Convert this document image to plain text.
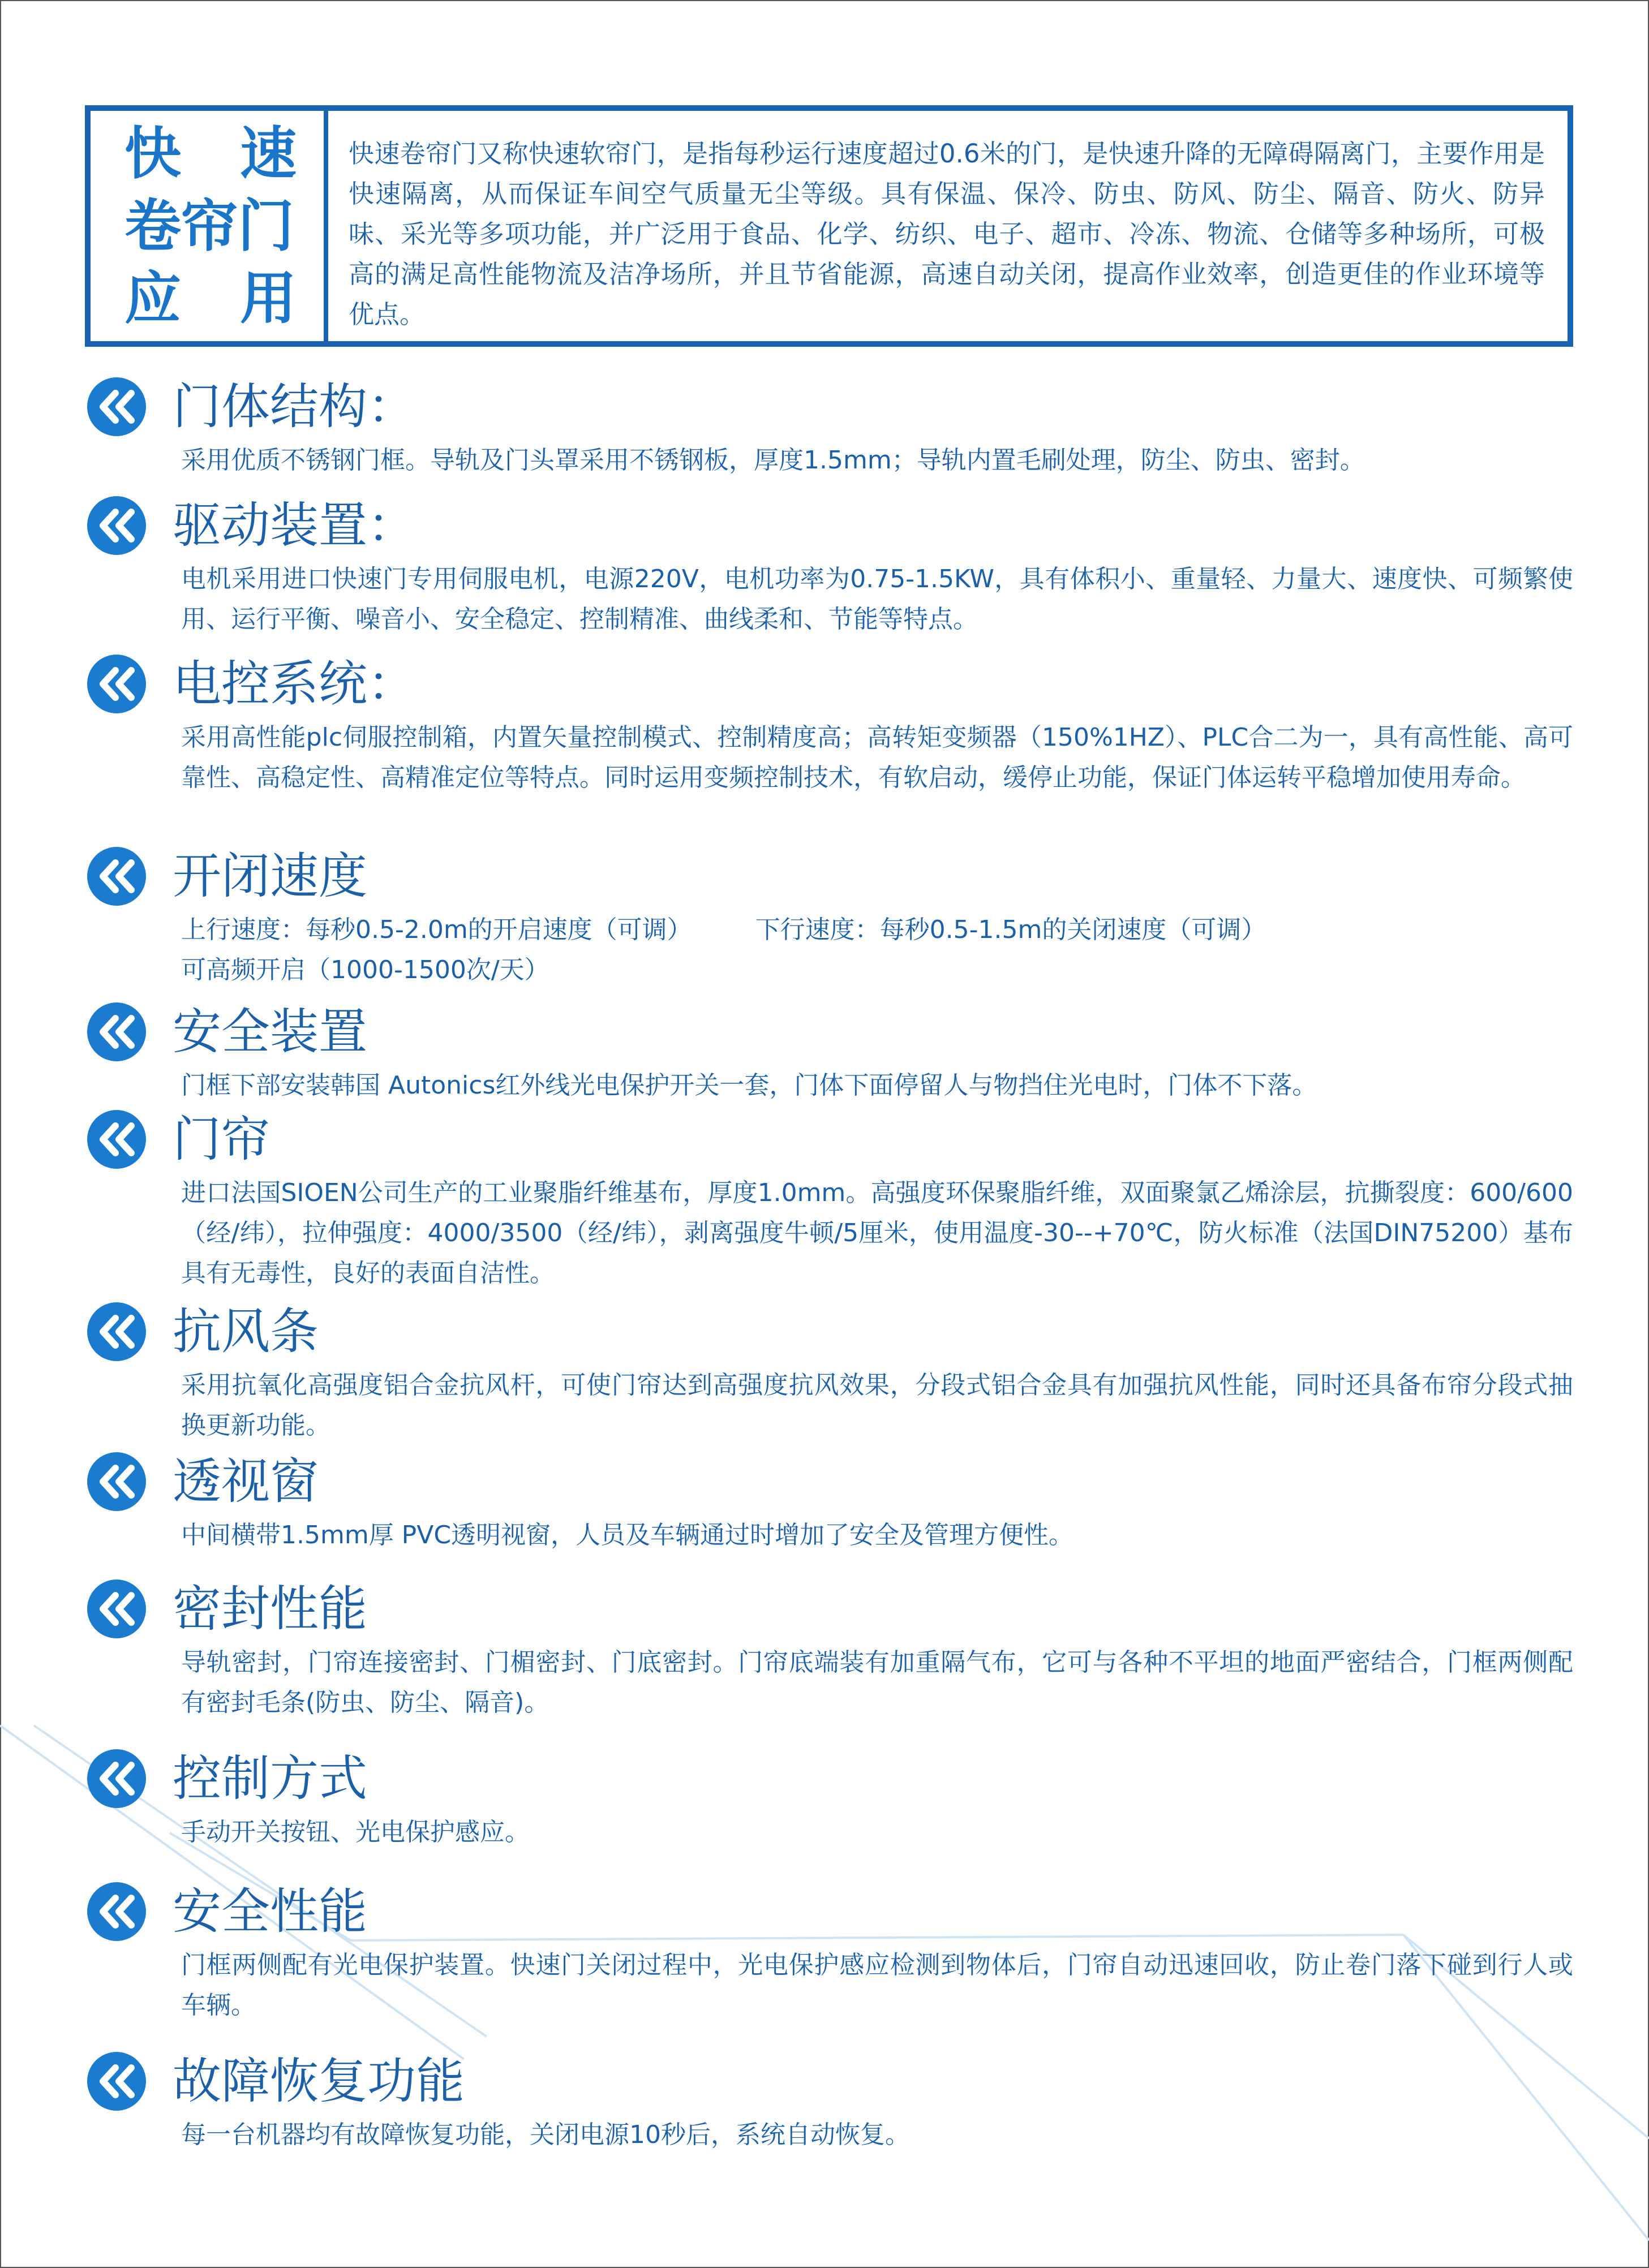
快 速
卷帘门
应 用
快速卷帘门又称快速软帘门，是指每秒运行速度超过0.6米的门，是快速升降的无障碍隔离门，主要作用是快速隔离，从而保证车间空气质量无尘等级。具有保温、保冷、防虫、防风、防尘、隔音、防火、防异味、采光等多项功能，并广泛用于食品、化学、纺织、电子、超市、冷冻、物流、仓储等多种场所，可极高的满足高性能物流及洁净场所，并且节省能源，高速自动关闭，提高作业效率，创造更佳的作业环境等优点。
门体结构：
采用优质不锈钢门框。导轨及门头罩采用不锈钢板，厚度1.5mm；导轨内置毛刷处理，防尘、防虫、密封。
驱动装置：
电机采用进口快速门专用伺服电机，电源220V，电机功率为0.75-1.5KW，具有体积小、重量轻、力量大、速度快、可频繁使用、运行平衡、噪音小、安全稳定、控制精准、曲线柔和、节能等特点。
电控系统：
采用高性能plc伺服控制箱，内置矢量控制模式、控制精度高；高转矩变频器（150%1HZ）、PLC合二为一，具有高性能、高可靠性、高稳定性、高精准定位等特点。同时运用变频控制技术，有软启动，缓停止功能，保证门体运转平稳增加使用寿命。
开闭速度
上行速度：每秒0.5-2.0m的开启速度（可调）	下行速度：每秒0.5-1.5m的关闭速度（可调）
可高频开启（1000-1500次/天）
安全装置
门框下部安装韩国 Autonics红外线光电保护开关一套，门体下面停留人与物挡住光电时，门体不下落。
门帘
进口法国SIOEN公司生产的工业聚脂纤维基布，厚度1.0mm。高强度环保聚脂纤维，双面聚氯乙烯涂层，抗撕裂度：600/600（经/纬），拉伸强度：4000/3500（经/纬），剥离强度牛顿/5厘米，使用温度-30--+70℃，防火标准（法国DIN75200）基布具有无毒性，良好的表面自洁性。
抗风条
采用抗氧化高强度铝合金抗风杆，可使门帘达到高强度抗风效果，分段式铝合金具有加强抗风性能，同时还具备布帘分段式抽换更新功能。
透视窗
中间横带1.5mm厚 PVC透明视窗，人员及车辆通过时增加了安全及管理方便性。
密封性能
导轨密封，门帘连接密封、门楣密封、门底密封。门帘底端装有加重隔气布，它可与各种不平坦的地面严密结合，门框两侧配有密封毛条(防虫、防尘、隔音)。
控制方式
手动开关按钮、光电保护感应。
安全性能
门框两侧配有光电保护装置。快速门关闭过程中，光电保护感应检测到物体后，门帘自动迅速回收，防止卷门落下碰到行人或车辆。
故障恢复功能
每一台机器均有故障恢复功能，关闭电源10秒后，系统自动恢复。
